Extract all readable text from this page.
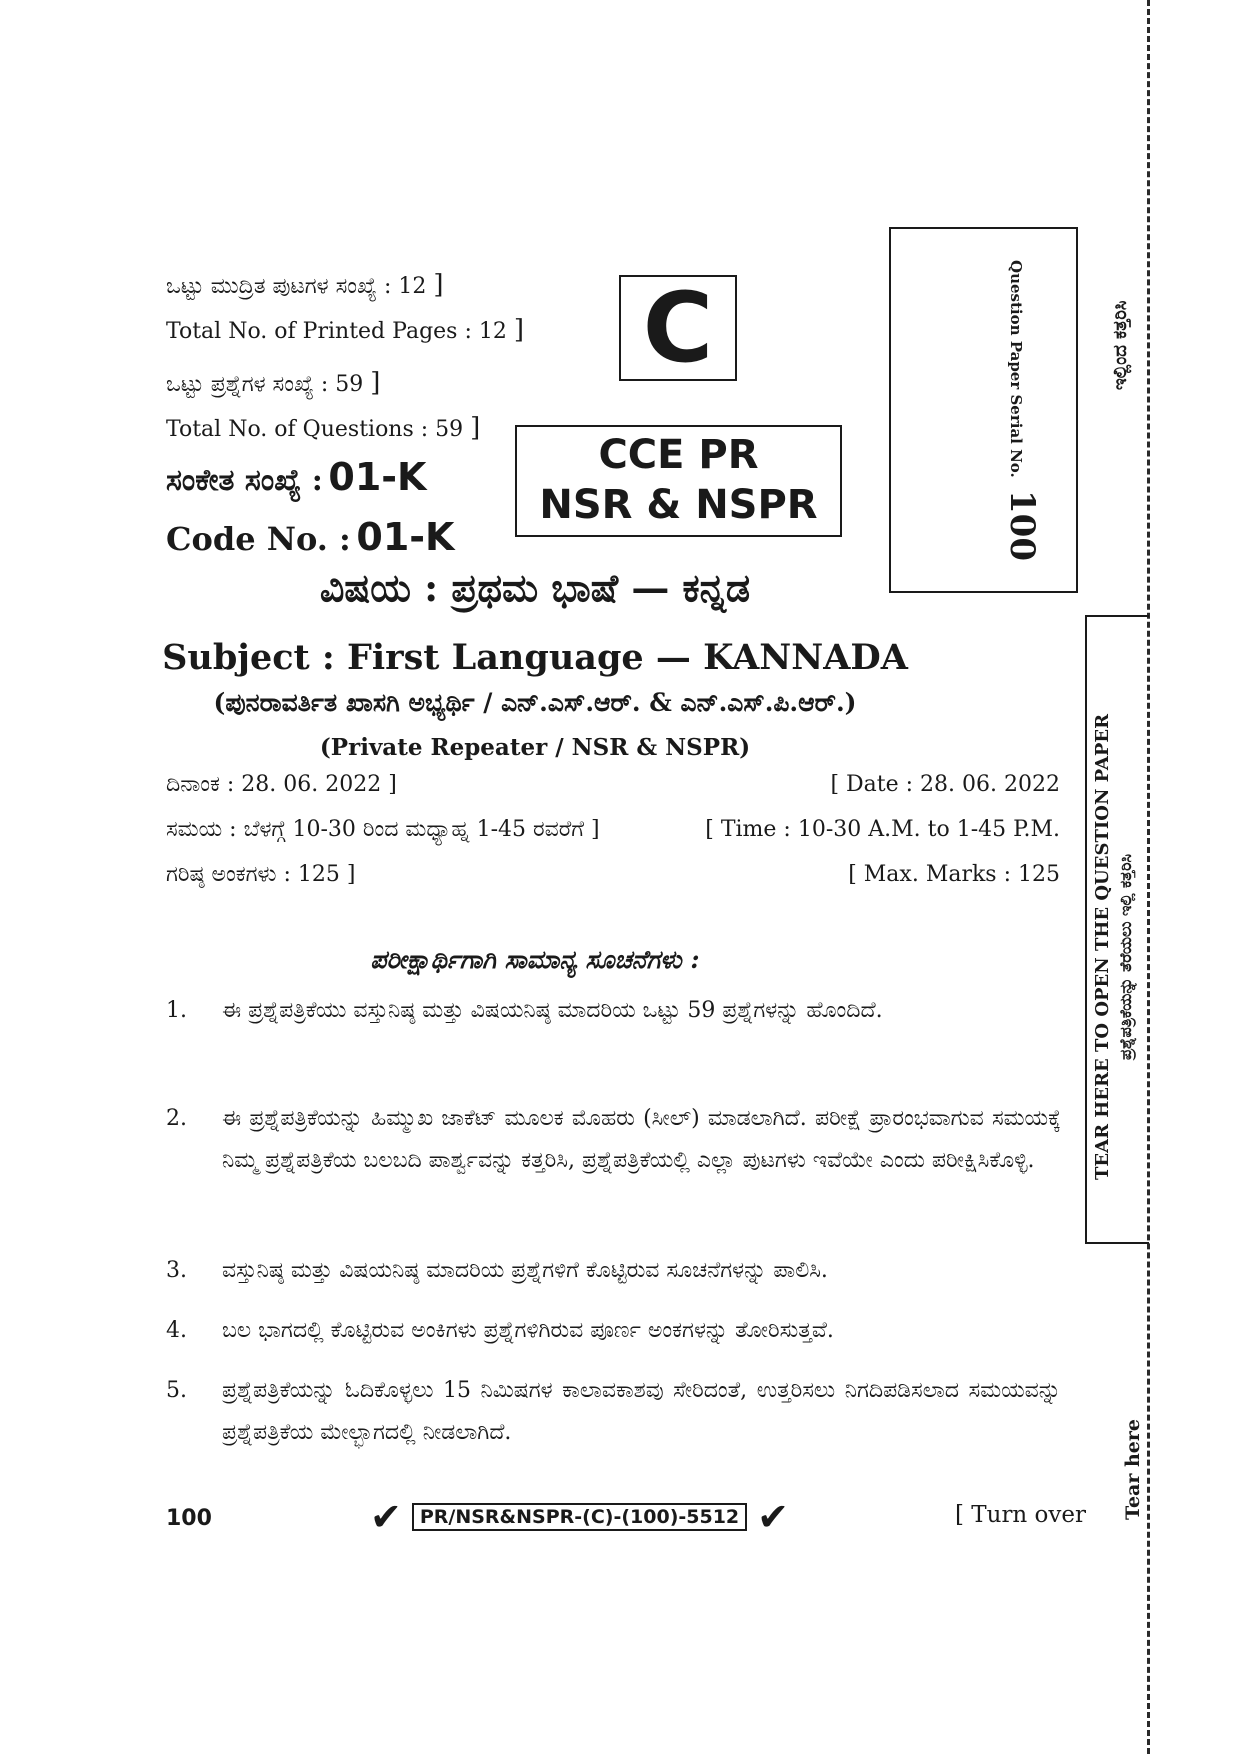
ಒಟ್ಟು ಮುದ್ರಿತ ಪುಟಗಳ ಸಂಖ್ಯೆ : 12 ]
Total No. of Printed Pages : 12 ]
ಒಟ್ಟು ಪ್ರಶ್ನೆಗಳ ಸಂಖ್ಯೆ : 59 ]
Total No. of Questions : 59 ]
ಸಂಕೇತ ಸಂಖ್ಯೆ : 01-K
Code No. : 01-K
C
CCE PR
NSR & NSPR
Question Paper Serial No.
100
ಇಲ್ಲಿಂದ ಕತ್ತರಿಸಿ
TEAR HERE TO OPEN THE QUESTION PAPER ಪ್ರಶ್ನೆಪತ್ರಿಕೆಯನ್ನು ತೆರೆಯಲು ಇಲ್ಲಿ ಕತ್ತರಿಸಿ
Tear here
ವಿಷಯ : ಪ್ರಥಮ ಭಾಷೆ — ಕನ್ನಡ
Subject : First Language — KANNADA
(ಪುನರಾವರ್ತಿತ ಖಾಸಗಿ ಅಭ್ಯರ್ಥಿ / ಎನ್.ಎಸ್.ಆರ್. & ಎನ್.ಎಸ್.ಪಿ.ಆರ್.)
(Private Repeater / NSR & NSPR)
ದಿನಾಂಕ : 28. 06. 2022 ]	[ Date : 28. 06. 2022
ಸಮಯ : ಬೆಳಗ್ಗೆ 10-30 ರಿಂದ ಮಧ್ಯಾಹ್ನ 1-45 ರವರೆಗೆ ]	[ Time : 10-30 A.M. to 1-45 P.M.
ಗರಿಷ್ಠ ಅಂಕಗಳು : 125 ]	[ Max. Marks : 125
ಪರೀಕ್ಷಾರ್ಥಿಗಾಗಿ ಸಾಮಾನ್ಯ ಸೂಚನೆಗಳು :
1.	ಈ ಪ್ರಶ್ನೆಪತ್ರಿಕೆಯು ವಸ್ತುನಿಷ್ಠ ಮತ್ತು ವಿಷಯನಿಷ್ಠ ಮಾದರಿಯ ಒಟ್ಟು 59 ಪ್ರಶ್ನೆಗಳನ್ನು ಹೊಂದಿದೆ.
2.	ಈ ಪ್ರಶ್ನೆಪತ್ರಿಕೆಯನ್ನು ಹಿಮ್ಮುಖ ಜಾಕೆಟ್ ಮೂಲಕ ಮೊಹರು (ಸೀಲ್) ಮಾಡಲಾಗಿದೆ. ಪರೀಕ್ಷೆ ಪ್ರಾರಂಭವಾಗುವ ಸಮಯಕ್ಕೆ ನಿಮ್ಮ ಪ್ರಶ್ನೆಪತ್ರಿಕೆಯ ಬಲಬದಿ ಪಾರ್ಶ್ವವನ್ನು ಕತ್ತರಿಸಿ, ಪ್ರಶ್ನೆಪತ್ರಿಕೆಯಲ್ಲಿ ಎಲ್ಲಾ ಪುಟಗಳು ಇವೆಯೇ ಎಂದು ಪರೀಕ್ಷಿಸಿಕೊಳ್ಳಿ.
3.	ವಸ್ತುನಿಷ್ಠ ಮತ್ತು ವಿಷಯನಿಷ್ಠ ಮಾದರಿಯ ಪ್ರಶ್ನೆಗಳಿಗೆ ಕೊಟ್ಟಿರುವ ಸೂಚನೆಗಳನ್ನು ಪಾಲಿಸಿ.
4.	ಬಲ ಭಾಗದಲ್ಲಿ ಕೊಟ್ಟಿರುವ ಅಂಕಿಗಳು ಪ್ರಶ್ನೆಗಳಿಗಿರುವ ಪೂರ್ಣ ಅಂಕಗಳನ್ನು ತೋರಿಸುತ್ತವೆ.
5.	ಪ್ರಶ್ನೆಪತ್ರಿಕೆಯನ್ನು ಓದಿಕೊಳ್ಳಲು 15 ನಿಮಿಷಗಳ ಕಾಲಾವಕಾಶವು ಸೇರಿದಂತೆ, ಉತ್ತರಿಸಲು ನಿಗದಿಪಡಿಸಲಾದ ಸಮಯವನ್ನು ಪ್ರಶ್ನೆಪತ್ರಿಕೆಯ ಮೇಲ್ಭಾಗದಲ್ಲಿ ನೀಡಲಾಗಿದೆ.
100	✔ PR/NSR&NSPR-(C)-(100)-5512 ✔	[ Turn over
